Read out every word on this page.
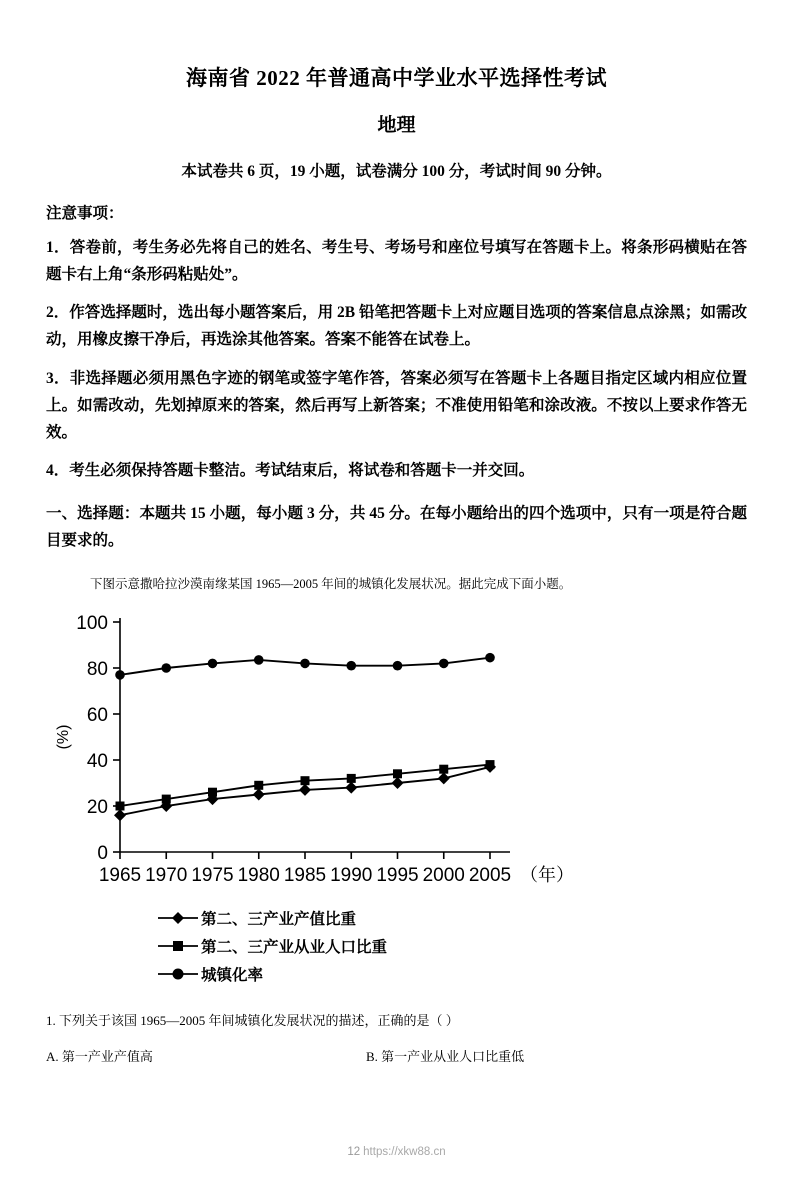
海南省 2022 年普通高中学业水平选择性考试
地理
本试卷共 6 页，19 小题，试卷满分 100 分，考试时间 90 分钟。
注意事项：
1．答卷前，考生务必先将自己的姓名、考生号、考场号和座位号填写在答题卡上。将条形码横贴在答题卡右上角“条形码粘贴处”。
2．作答选择题时，选出每小题答案后，用 2B 铅笔把答题卡上对应题目选项的答案信息点涂黑；如需改动，用橡皮擦干净后，再选涂其他答案。答案不能答在试卷上。
3．非选择题必须用黑色字迹的钢笔或签字笔作答，答案必须写在答题卡上各题目指定区域内相应位置上。如需改动，先划掉原来的答案，然后再写上新答案；不准使用铅笔和涂改液。不按以上要求作答无效。
4．考生必须保持答题卡整洁。考试结束后，将试卷和答题卡一并交回。
一、选择题：本题共 15 小题，每小题 3 分，共 45 分。在每小题给出的四个选项中，只有一项是符合题目要求的。
下图示意撒哈拉沙漠南缘某国 1965—2005 年间的城镇化发展状况。据此完成下面小题。
0
20
40
60
80
100
(%)
1965 1970 1975 1980 1985 1990 1995 2000 2005 （年）
第二、三产业产值比重
第二、三产业从业人口比重
城镇化率
1. 下列关于该国 1965—2005 年间城镇化发展状况的描述，正确的是（ ）
A. 第一产业产值高	B. 第一产业从业人口比重低
12 https://xkw88.cn
